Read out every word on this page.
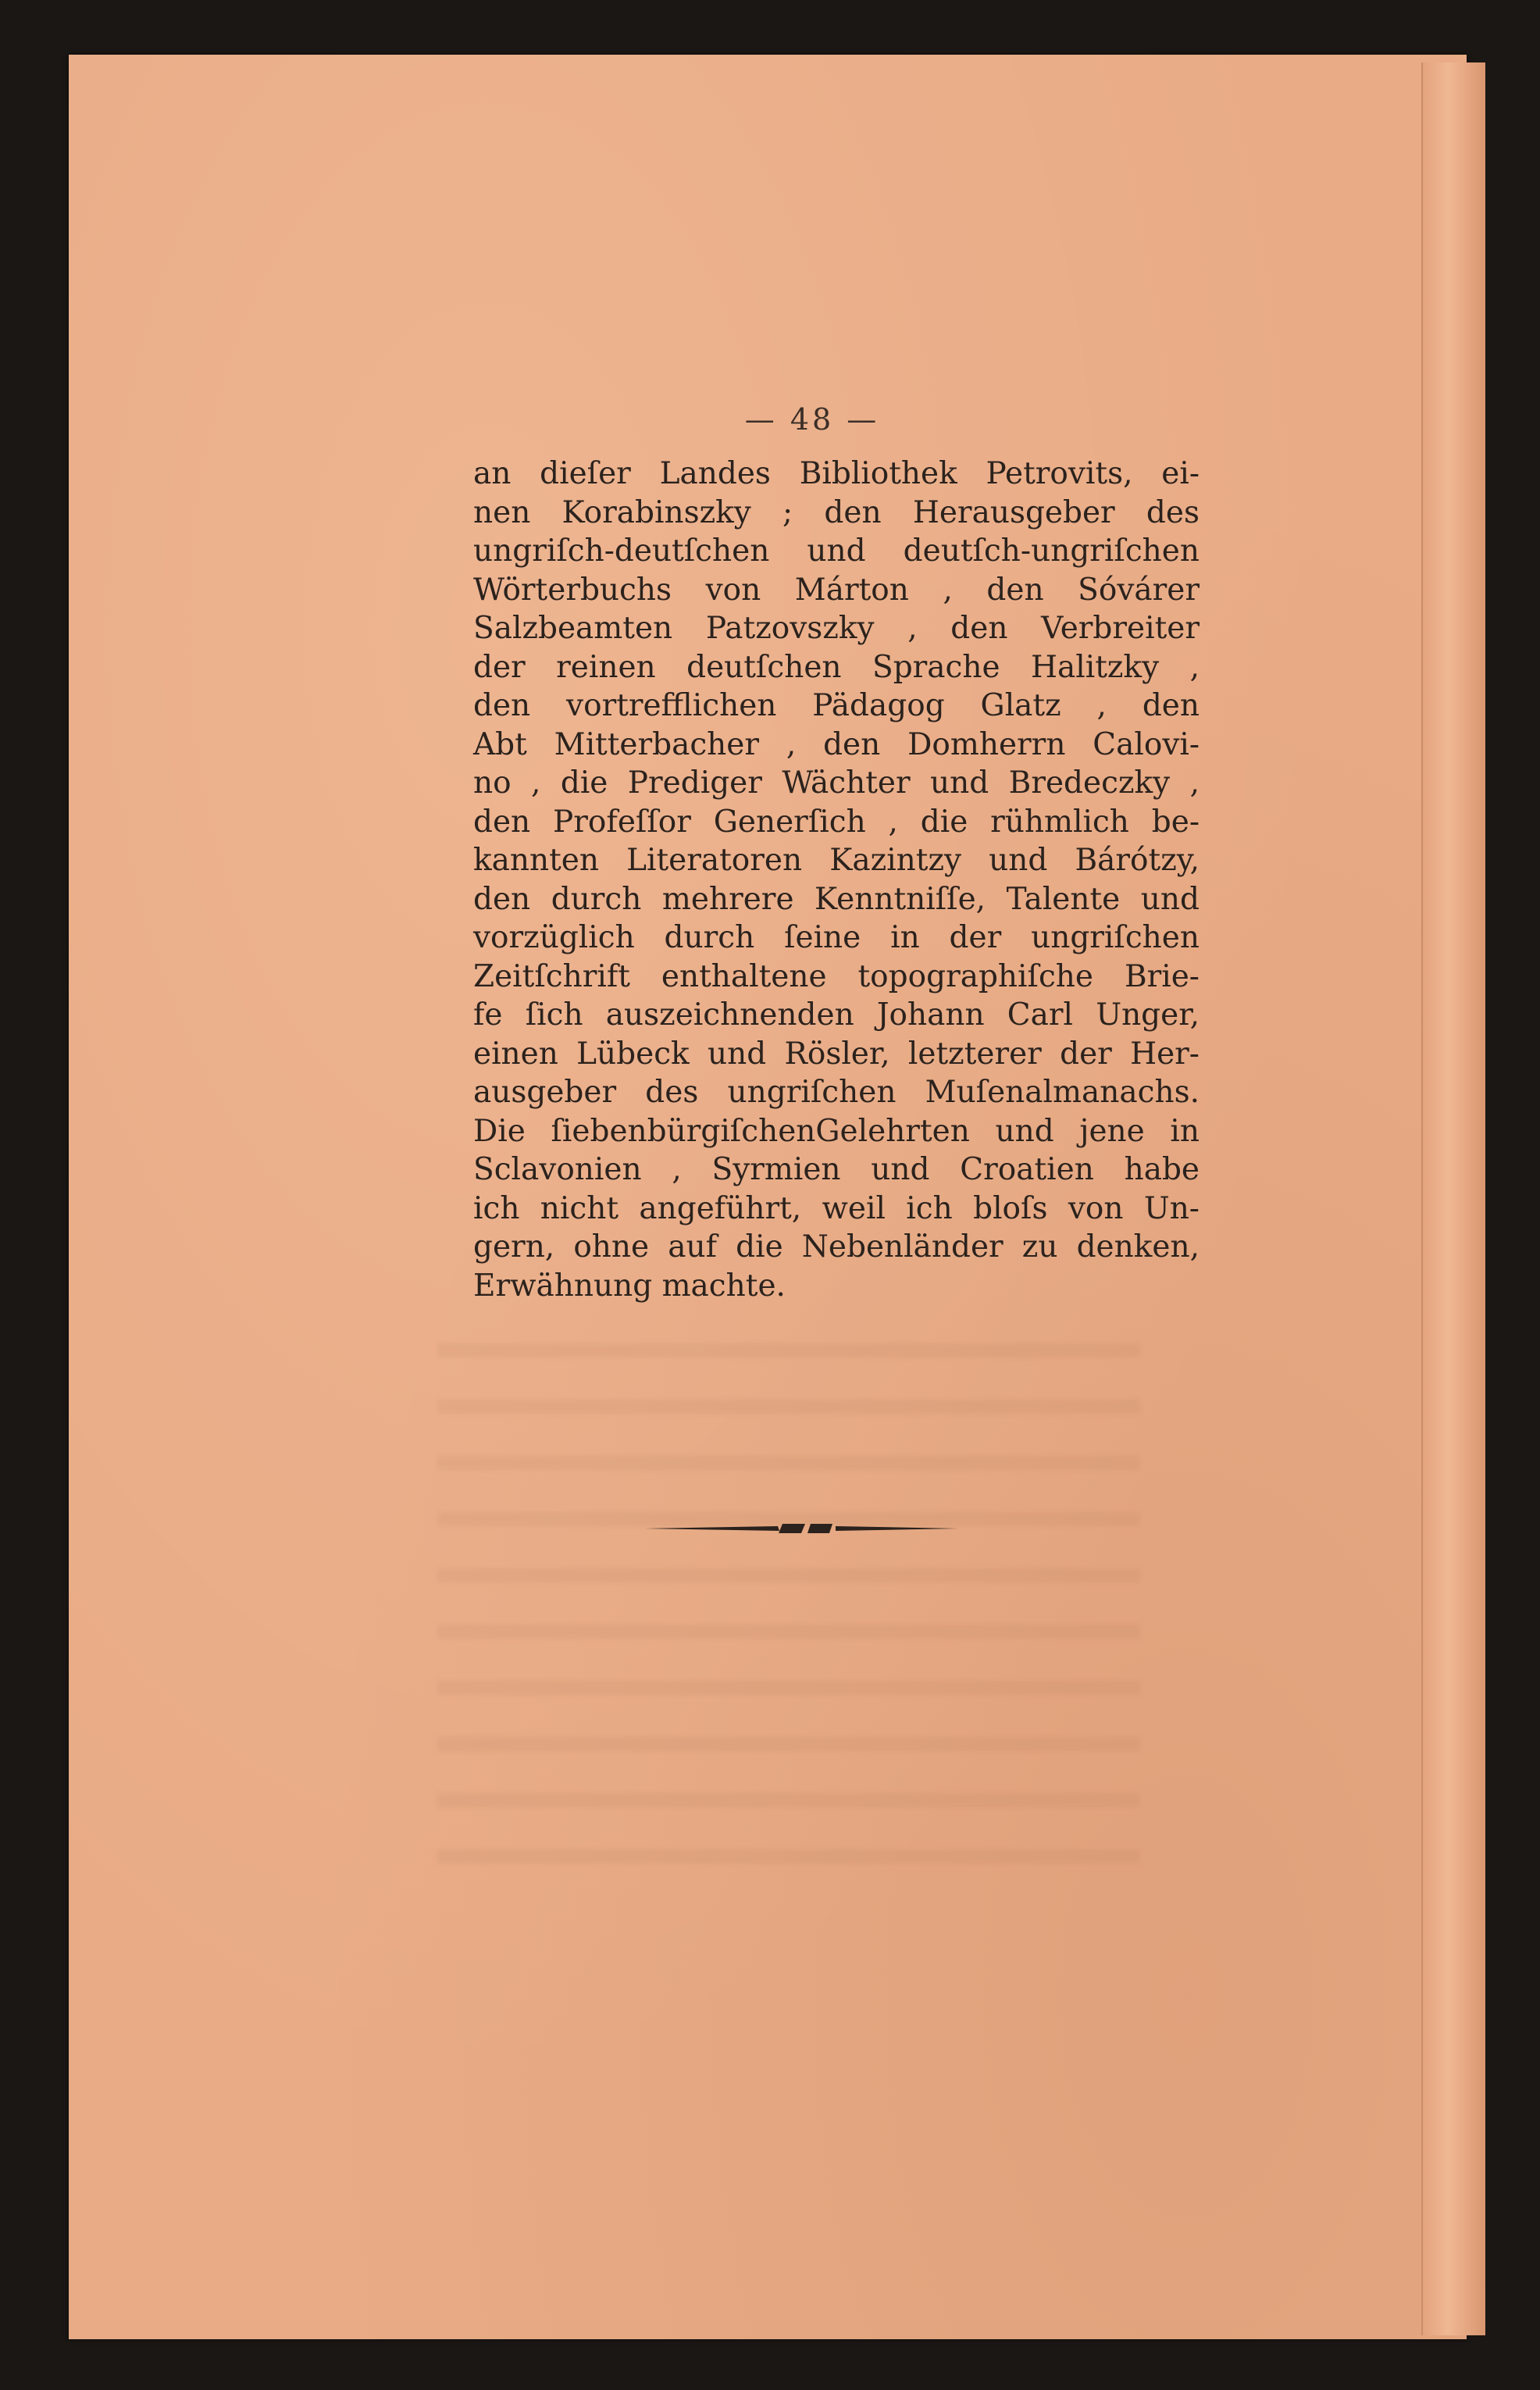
— 48 —
an dieſer Landes Bibliothek Petrovits, ei-
nen Korabinszky ; den Herausgeber des
ungriſch-deutſchen und deutſch-ungriſchen
Wörterbuchs von Márton , den Sóvárer
Salzbeamten Patzovszky , den Verbreiter
der reinen deutſchen Sprache Halitzky ,
den vortrefflichen Pädagog Glatz , den
Abt Mitterbacher , den Domherrn Calovi-
no , die Prediger Wächter und Bredeczky ,
den Profeſſor Generſich , die rühmlich be-
kannten Literatoren Kazintzy und Bárótzy,
den durch mehrere Kenntniſſe, Talente und
vorzüglich durch ſeine in der ungriſchen
Zeitſchrift enthaltene topographiſche Brie-
fe ſich auszeichnenden Johann Carl Unger,
einen Lübeck und Rösler, letzterer der Her-
ausgeber des ungriſchen Muſenalmanachs.
Die ſiebenbürgiſchenGelehrten und jene in
Sclavonien , Syrmien und Croatien habe
ich nicht angeführt, weil ich bloſs von Un-
gern, ohne auf die Nebenländer zu denken,
Erwähnung machte.
